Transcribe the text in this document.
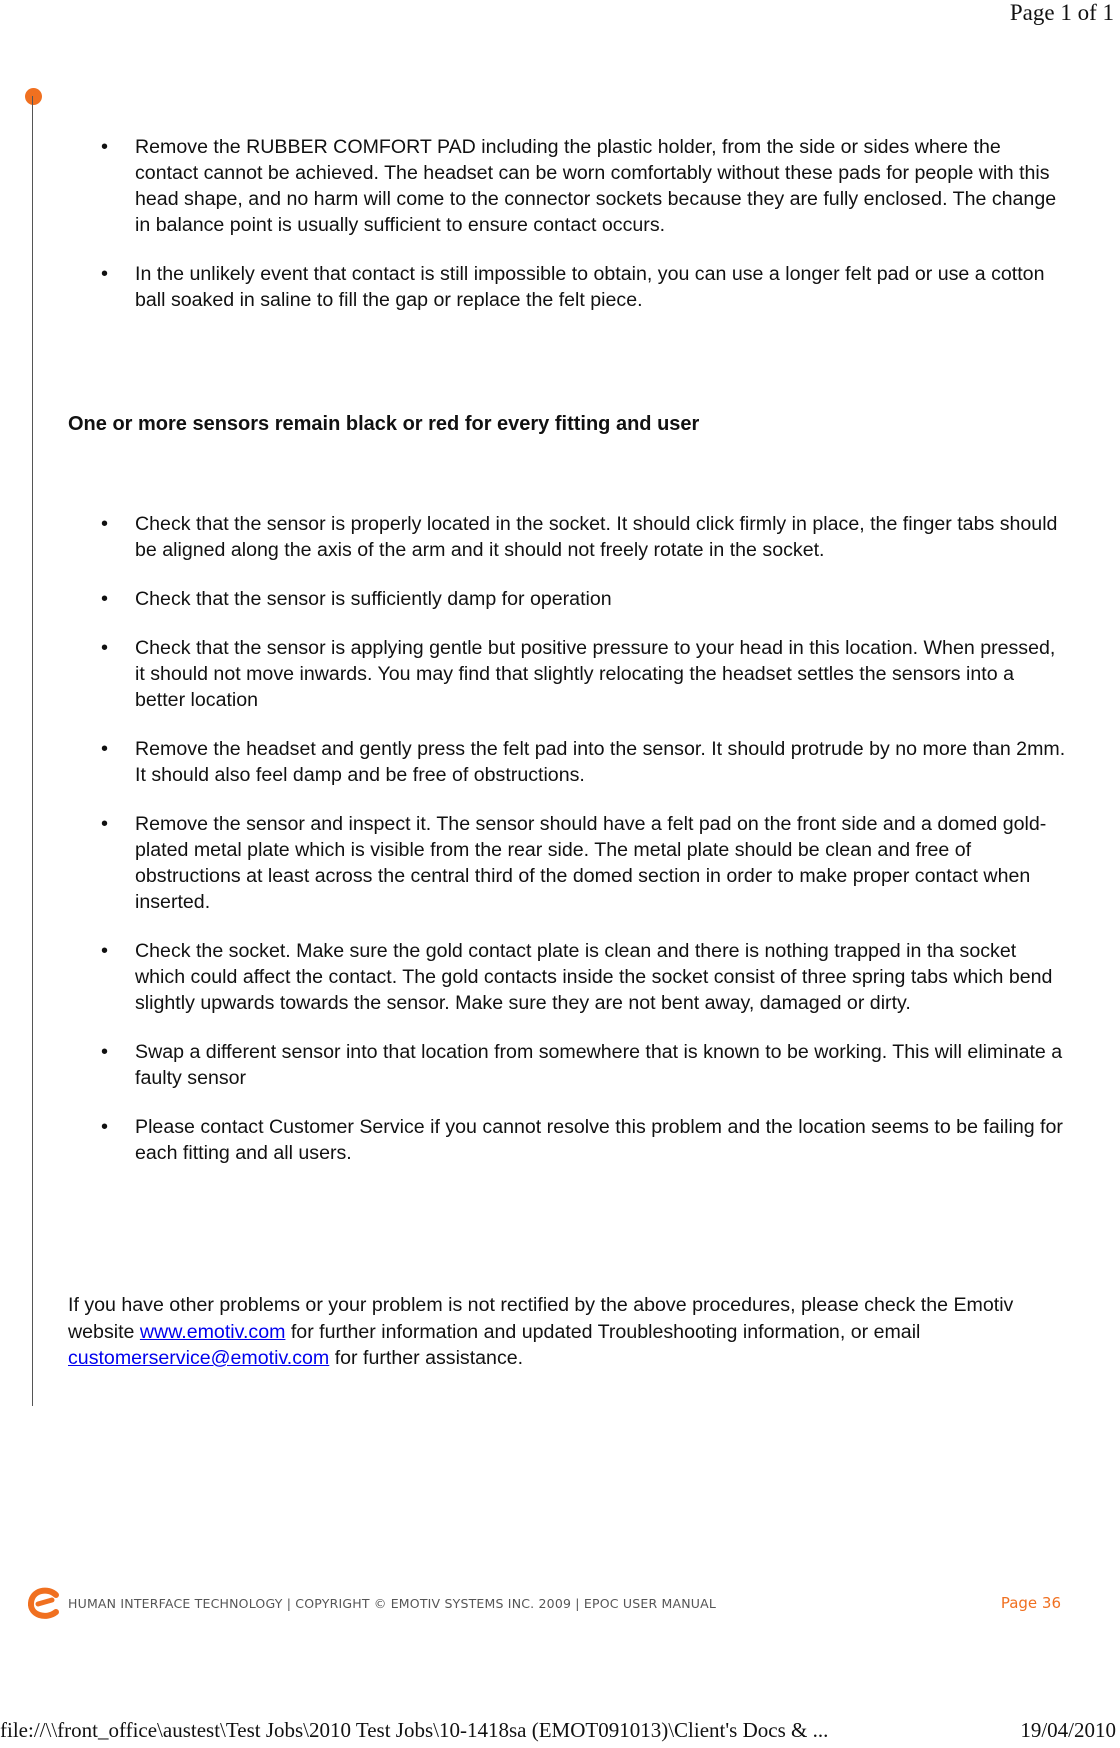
Page 1 of 1
• Remove the RUBBER COMFORT PAD including the plastic holder, from the side or sides where the contact cannot be achieved. The headset can be worn comfortably without these pads for people with this head shape, and no harm will come to the connector sockets because they are fully enclosed. The change in balance point is usually sufficient to ensure contact occurs.
• In the unlikely event that contact is still impossible to obtain, you can use a longer felt pad or use a cotton ball soaked in saline to fill the gap or replace the felt piece.
One or more sensors remain black or red for every fitting and user
• Check that the sensor is properly located in the socket. It should click firmly in place, the finger tabs should be aligned along the axis of the arm and it should not freely rotate in the socket.
• Check that the sensor is sufficiently damp for operation
• Check that the sensor is applying gentle but positive pressure to your head in this location. When pressed, it should not move inwards. You may find that slightly relocating the headset settles the sensors into a better location
• Remove the headset and gently press the felt pad into the sensor. It should protrude by no more than 2mm. It should also feel damp and be free of obstructions.
• Remove the sensor and inspect it. The sensor should have a felt pad on the front side and a domed gold-plated metal plate which is visible from the rear side. The metal plate should be clean and free of obstructions at least across the central third of the domed section in order to make proper contact when inserted.
• Check the socket. Make sure the gold contact plate is clean and there is nothing trapped in tha socket which could affect the contact. The gold contacts inside the socket consist of three spring tabs which bend slightly upwards towards the sensor. Make sure they are not bent away, damaged or dirty.
• Swap a different sensor into that location from somewhere that is known to be working. This will eliminate a faulty sensor
• Please contact Customer Service if you cannot resolve this problem and the location seems to be failing for each fitting and all users.

If you have other problems or your problem is not rectified by the above procedures, please check the Emotiv website www.emotiv.com for further information and updated Troubleshooting information, or email customerservice@emotiv.com for further assistance.

HUMAN INTERFACE TECHNOLOGY | COPYRIGHT © EMOTIV SYSTEMS INC. 2009 | EPOC USER MANUAL	Page 36
file://\\front_office\austest\Test Jobs\2010 Test Jobs\10-1418sa (EMOT091013)\Client's Docs & ...	19/04/2010
